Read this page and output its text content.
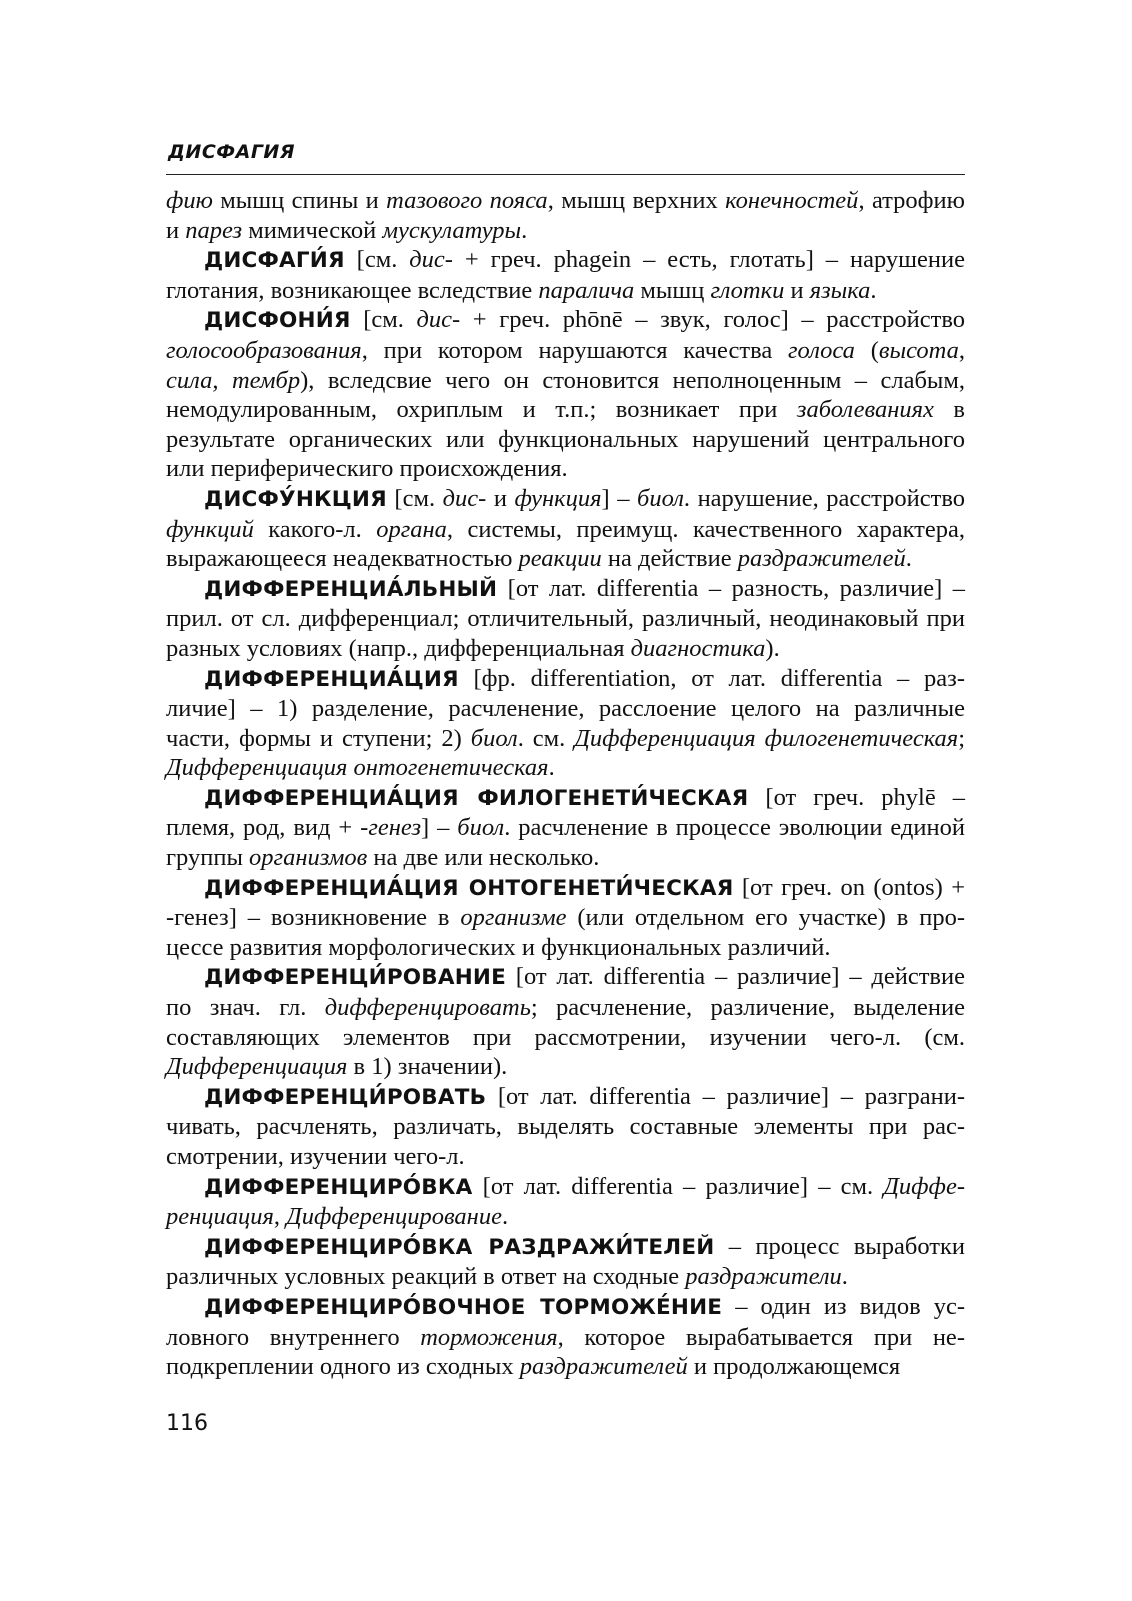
ДИСФАГИЯ

фию мышц спины и тазового пояса, мышц верхних конечностей, атрофию и парез мимической мускулатуры.

ДИСФАГИ́Я [см. дис- + греч. phagein – есть, глотать] – нарушение глотания, возникающее вследствие паралича мышц глотки и языка.

ДИСФОНИ́Я [см. дис- + греч. phōnē – звук, голос] – расстройство голосообразования, при котором нарушаются качества голоса (высота, сила, тембр), вследсвие чего он стоновится неполноценным – слабым, немодулированным, охриплым и т.п.; возникает при заболеваниях в результате органических или функциональных нарушений центрального или периферическиго происхождения.

ДИСФУ́НКЦИЯ [см. дис- и функция] – биол. нарушение, расстройство функций какого-л. органа, системы, преимущ. качественного характера, выражающееся неадекватностью реакции на действие раздражителей.

ДИФФЕРЕНЦИА́ЛЬНЫЙ [от лат. differentia – разность, различие] – прил. от сл. дифференциал; отличительный, различный, неодинаковый при разных условиях (напр., дифференциальная диагностика).

ДИФФЕРЕНЦИА́ЦИЯ [фр. differentiation, от лат. differentia – различие] – 1) разделение, расчленение, расслоение целого на различные части, формы и ступени; 2) биол. см. Дифференциация филогенетическая; Дифференциация онтогенетическая.

ДИФФЕРЕНЦИА́ЦИЯ ФИЛОГЕНЕТИ́ЧЕСКАЯ [от греч. phylē – племя, род, вид + -генез] – биол. расчленение в процессе эволюции единой группы организмов на две или несколько.

ДИФФЕРЕНЦИА́ЦИЯ ОНТОГЕНЕТИ́ЧЕСКАЯ [от греч. on (ontos) + -генез] – возникновение в организме (или отдельном его участке) в процессе развития морфологических и функциональных различий.

ДИФФЕРЕНЦИ́РОВАНИЕ [от лат. differentia – различие] – действие по знач. гл. дифференцировать; расчленение, различение, выделение составляющих элементов при рассмотрении, изучении чего-л. (см. Дифференциация в 1) значении).

ДИФФЕРЕНЦИ́РОВАТЬ [от лат. differentia – различие] – разграничивать, расчленять, различать, выделять составные элементы при рассмотрении, изучении чего-л.

ДИФФЕРЕНЦИРО́ВКА [от лат. differentia – различие] – см. Дифференциация, Дифференцирование.

ДИФФЕРЕНЦИРО́ВКА РАЗДРАЖИ́ТЕЛЕЙ – процесс выработки различных условных реакций в ответ на сходные раздражители.

ДИФФЕРЕНЦИРО́ВОЧНОЕ ТОРМОЖЕ́НИЕ – один из видов условного внутреннего торможения, которое вырабатывается при неподкреплении одного из сходных раздражителей и продолжающемся

116
